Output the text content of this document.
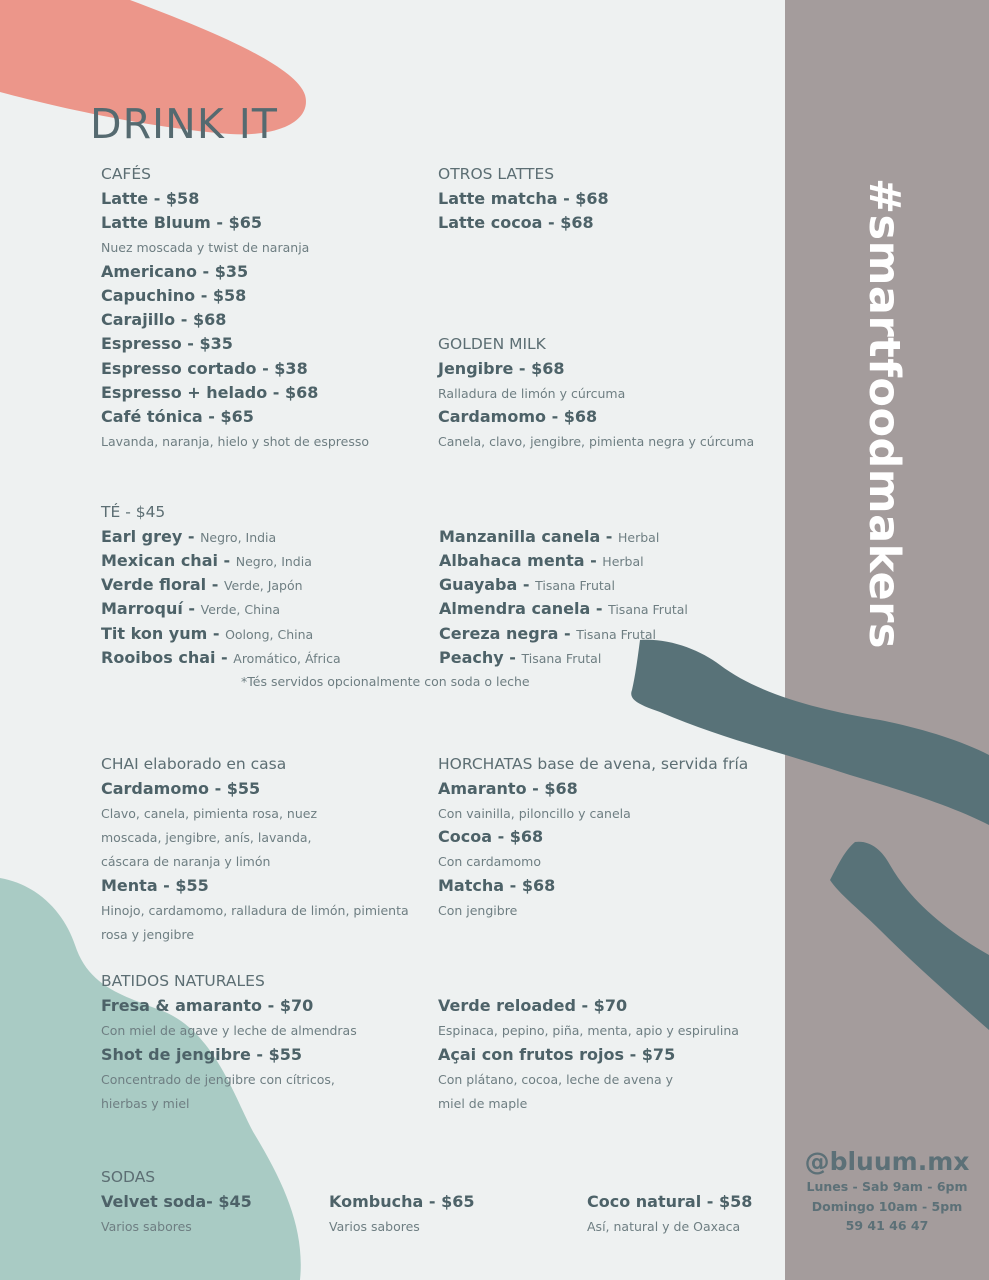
#smartfoodmakers
@bluum.mx
Lunes - Sab 9am - 6pm
Domingo 10am - 5pm
59 41 46 47
DRINK IT
CAFÉS
Latte - $58
Latte Bluum - $65
Nuez moscada y twist de naranja
Americano - $35
Capuchino - $58
Carajillo - $68
Espresso - $35
Espresso cortado - $38
Espresso + helado - $68
Café tónica - $65
Lavanda, naranja, hielo y shot de espresso
OTROS LATTES
Latte matcha - $68
Latte cocoa - $68
GOLDEN MILK
Jengibre - $68
Ralladura de limón y cúrcuma
Cardamomo - $68
Canela, clavo, jengibre, pimienta negra y cúrcuma
TÉ - $45
Earl grey - Negro, India
Mexican chai - Negro, India
Verde floral - Verde, Japón
Marroquí - Verde, China
Tit kon yum - Oolong, China
Rooibos chai - Aromático, África
Manzanilla canela - Herbal
Albahaca menta - Herbal
Guayaba - Tisana Frutal
Almendra canela - Tisana Frutal
Cereza negra - Tisana Frutal
Peachy - Tisana Frutal
*Tés servidos opcionalmente con soda o leche
CHAI elaborado en casa
Cardamomo - $55
Clavo, canela, pimienta rosa, nuez
moscada, jengibre, anís, lavanda,
cáscara de naranja y limón
Menta - $55
Hinojo, cardamomo, ralladura de limón, pimienta
rosa y jengibre
HORCHATAS base de avena, servida fría
Amaranto - $68
Con vainilla, piloncillo y canela
Cocoa - $68
Con cardamomo
Matcha - $68
Con jengibre
BATIDOS NATURALES
Fresa & amaranto - $70
Con miel de agave y leche de almendras
Shot de jengibre - $55
Concentrado de jengibre con cítricos,
hierbas y miel
Verde reloaded - $70
Espinaca, pepino, piña, menta, apio y espirulina
Açai con frutos rojos - $75
Con plátano, cocoa, leche de avena y
miel de maple
SODAS
Velvet soda- $45
Varios sabores
Kombucha - $65
Varios sabores
Coco natural - $58
Así, natural y de Oaxaca
